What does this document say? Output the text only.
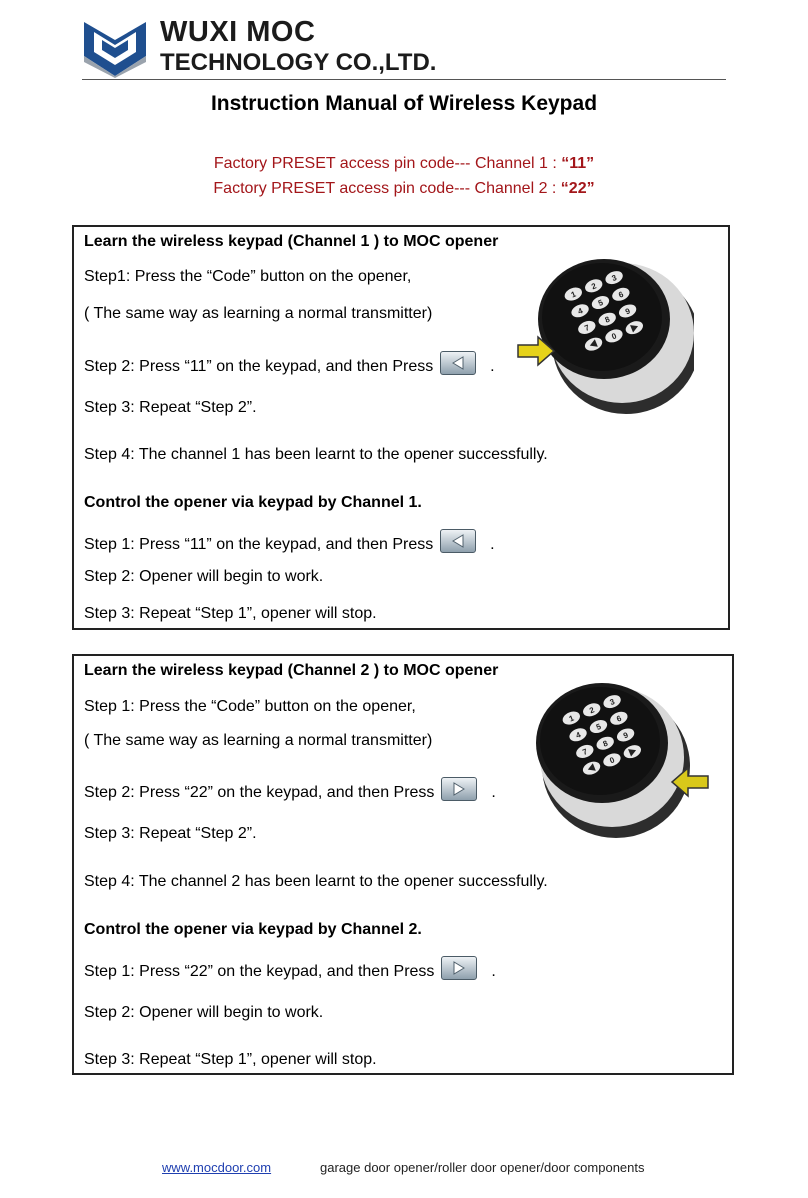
WUXI MOC
TECHNOLOGY CO.,LTD.
Instruction Manual of Wireless Keypad
Factory PRESET access pin code--- Channel 1 : “11”
Factory PRESET access pin code--- Channel 2 : “22”
Learn the wireless keypad (Channel 1 ) to MOC opener
Step1: Press the “Code” button on the opener,
( The same way as learning a normal transmitter)
Step 2: Press “11” on the keypad, and then Press	.
Step 3: Repeat “Step 2”.
Step 4: The channel 1 has been learnt to the opener successfully.
Control the opener via keypad by Channel 1.
Step 1: Press “11” on the keypad, and then Press	.
Step 2: Opener will begin to work.
Step 3: Repeat “Step 1”, opener will stop.
1
2
3
4
5
6
7
8
9
0
Learn the wireless keypad (Channel 2 ) to MOC opener
Step 1: Press the “Code” button on the opener,
( The same way as learning a normal transmitter)
Step 2: Press “22” on the keypad, and then Press	.
Step 3: Repeat “Step 2”.
Step 4: The channel 2 has been learnt to the opener successfully.
Control the opener via keypad by Channel 2.
Step 1: Press “22” on the keypad, and then Press	.
Step 2: Opener will begin to work.
Step 3: Repeat “Step 1”, opener will stop.
1
2
3
4
5
6
7
8
9
0
www.mocdoor.com	garage door opener/roller door opener/door components
